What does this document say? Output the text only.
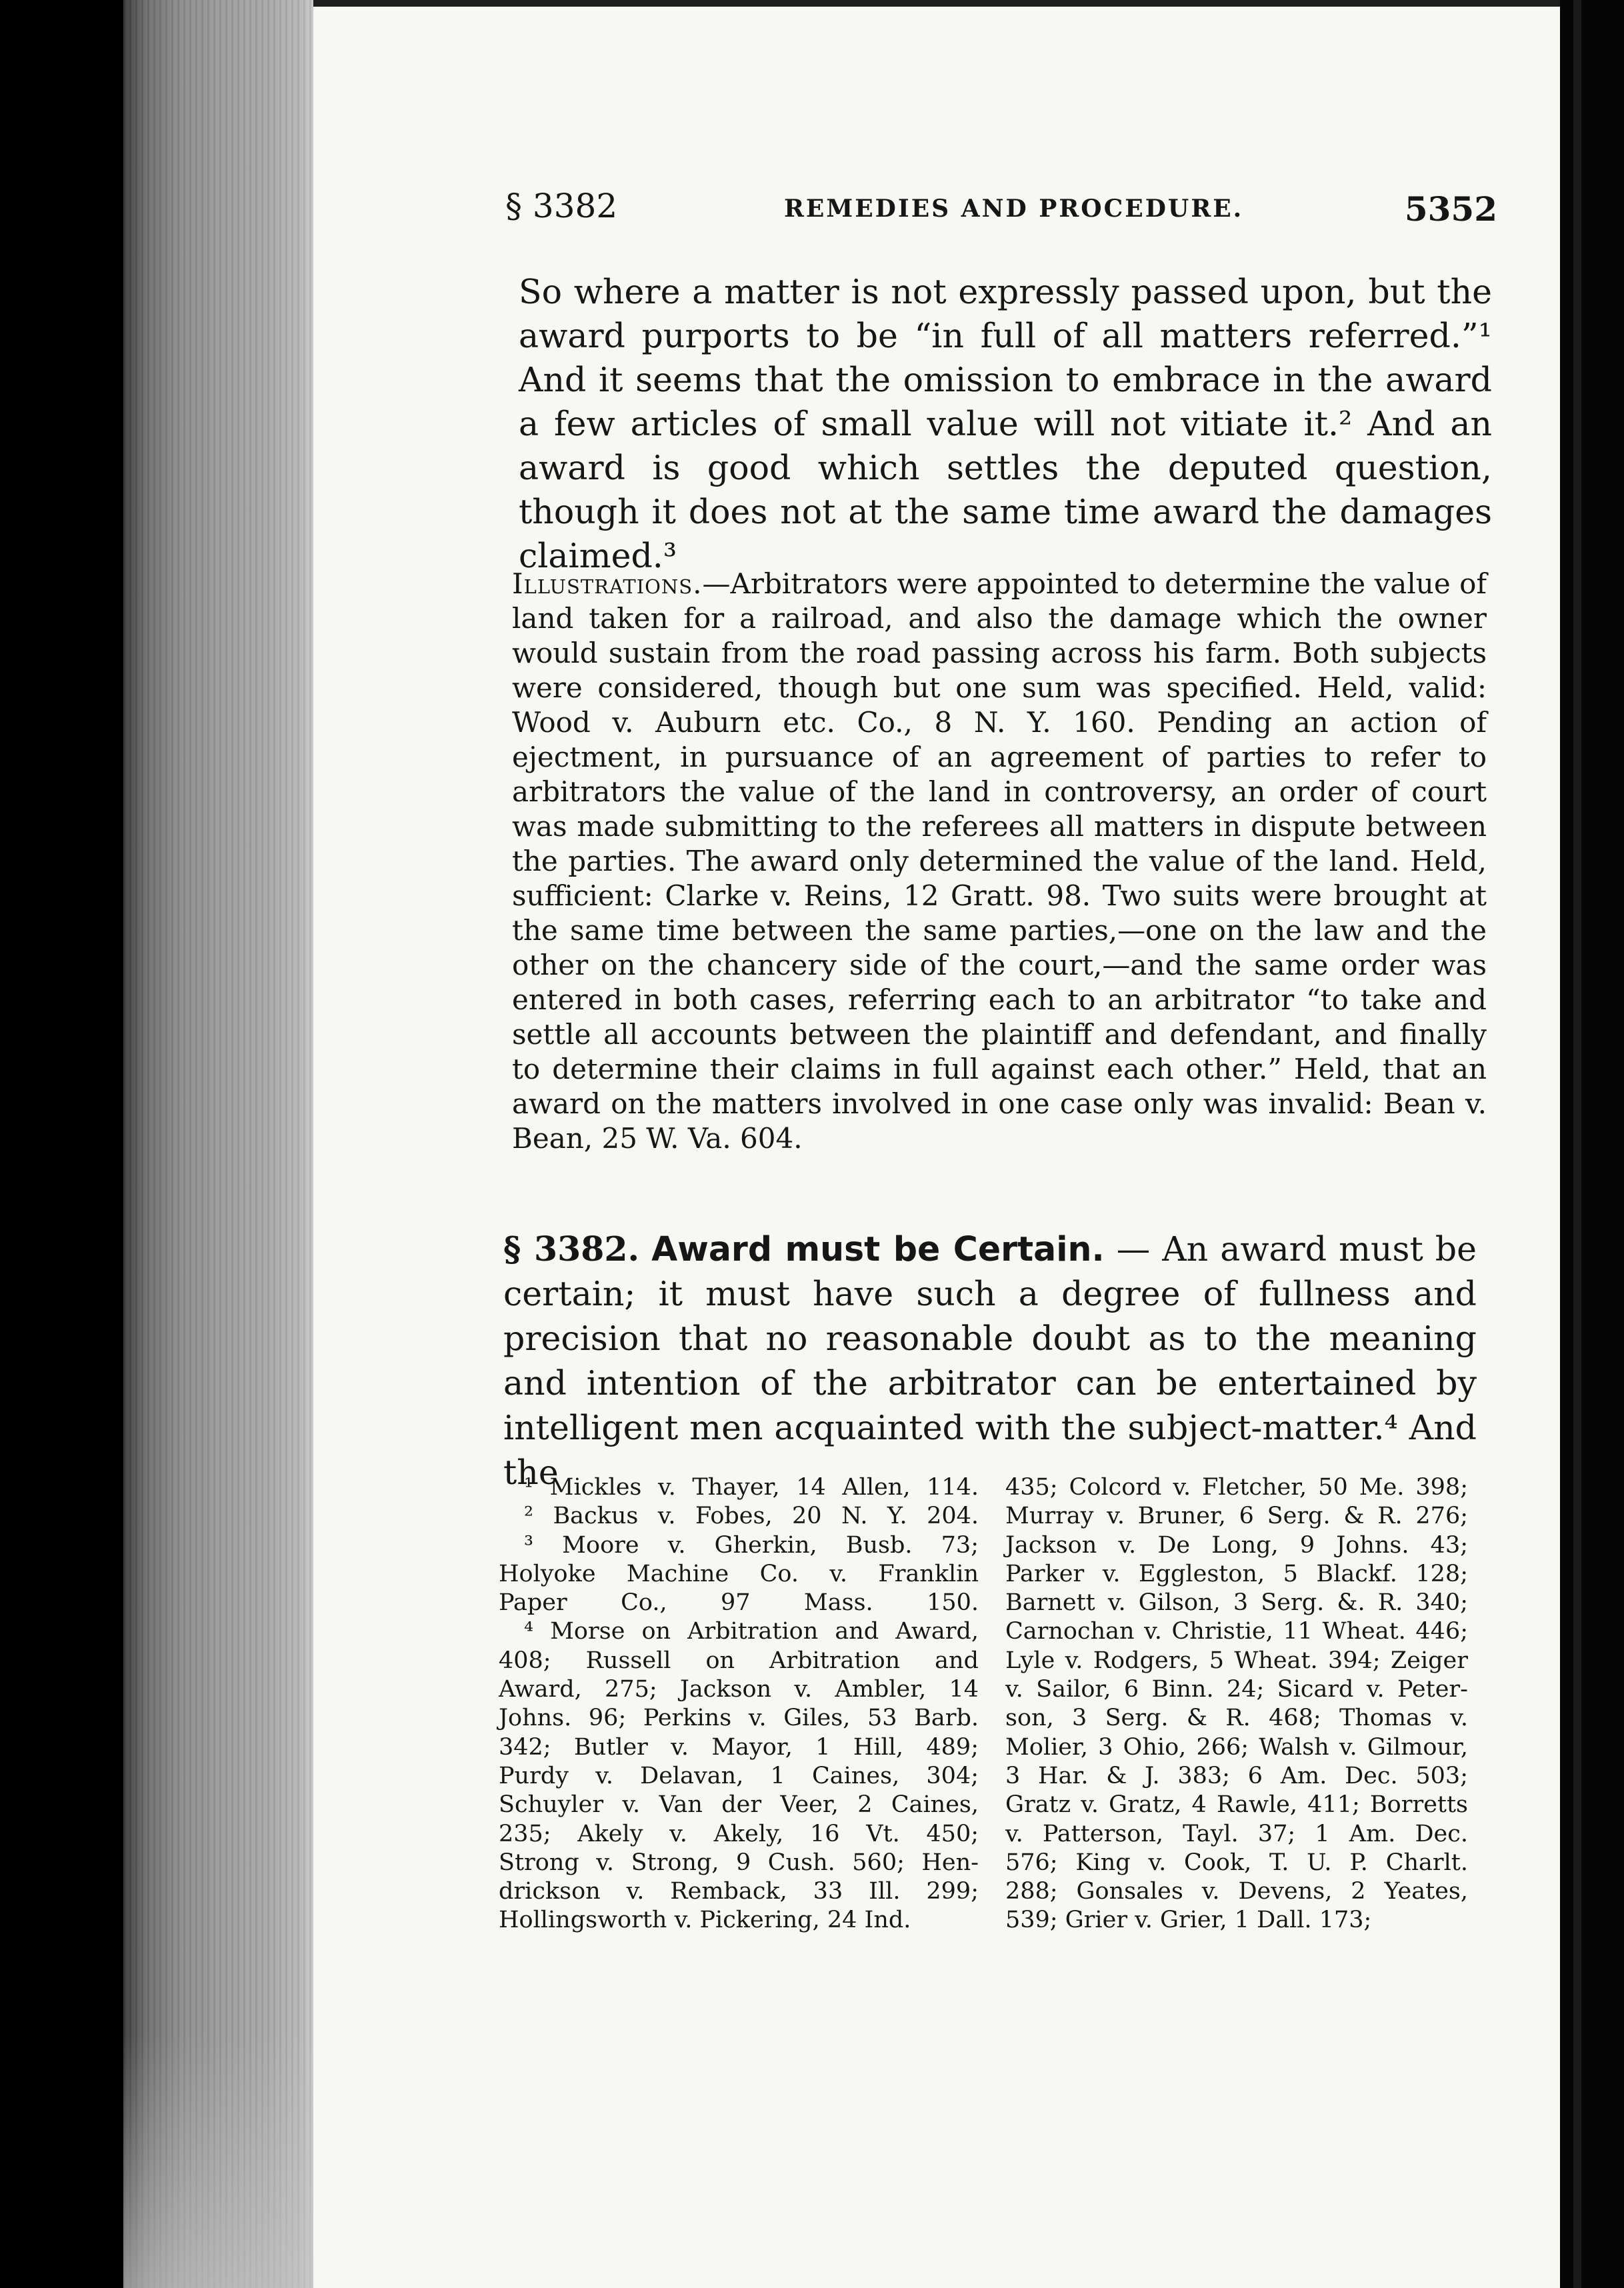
§ 3382	REMEDIES AND PROCEDURE.	5352
So where a matter is not expressly passed upon, but the award purports to be “in full of all matters referred.”¹ And it seems that the omission to embrace in the award a few articles of small value will not vitiate it.² And an award is good which settles the deputed question, though it does not at the same time award the damages claimed.³
Illustrations.—Arbitrators were appointed to determine the value of land taken for a railroad, and also the damage which the owner would sustain from the road passing across his farm. Both subjects were considered, though but one sum was specified. Held, valid: Wood v. Auburn etc. Co., 8 N. Y. 160. Pending an action of ejectment, in pursuance of an agreement of parties to refer to arbitrators the value of the land in controversy, an order of court was made submitting to the referees all matters in dispute between the parties. The award only determined the value of the land. Held, sufficient: Clarke v. Reins, 12 Gratt. 98. Two suits were brought at the same time between the same parties,—one on the law and the other on the chancery side of the court,—and the same order was entered in both cases, referring each to an arbitrator “to take and settle all accounts between the plaintiff and defendant, and finally to determine their claims in full against each other.” Held, that an award on the matters involved in one case only was invalid: Bean v. Bean, 25 W. Va. 604.
§ 3382. Award must be Certain. — An award must be certain; it must have such a degree of fullness and precision that no reasonable doubt as to the meaning and intention of the arbitrator can be entertained by intelligent men acquainted with the subject-matter.⁴ And the
¹ Mickles v. Thayer, 14 Allen, 114.
² Backus v. Fobes, 20 N. Y. 204.
³ Moore v. Gherkin, Busb. 73;
Holyoke Machine Co. v. Franklin
Paper Co., 97 Mass. 150.
⁴ Morse on Arbitration and Award,
408; Russell on Arbitration and
Award, 275; Jackson v. Ambler, 14
Johns. 96; Perkins v. Giles, 53 Barb.
342; Butler v. Mayor, 1 Hill, 489;
Purdy v. Delavan, 1 Caines, 304;
Schuyler v. Van der Veer, 2 Caines,
235; Akely v. Akely, 16 Vt. 450;
Strong v. Strong, 9 Cush. 560; Hen-
drickson v. Remback, 33 Ill. 299;
Hollingsworth v. Pickering, 24 Ind.
435; Colcord v. Fletcher, 50 Me. 398;
Murray v. Bruner, 6 Serg. & R. 276;
Jackson v. De Long, 9 Johns. 43;
Parker v. Eggleston, 5 Blackf. 128;
Barnett v. Gilson, 3 Serg. &. R. 340;
Carnochan v. Christie, 11 Wheat. 446;
Lyle v. Rodgers, 5 Wheat. 394; Zeiger
v. Sailor, 6 Binn. 24; Sicard v. Peter-
son, 3 Serg. & R. 468; Thomas v.
Molier, 3 Ohio, 266; Walsh v. Gilmour,
3 Har. & J. 383; 6 Am. Dec. 503;
Gratz v. Gratz, 4 Rawle, 411; Borretts
v. Patterson, Tayl. 37; 1 Am. Dec.
576; King v. Cook, T. U. P. Charlt.
288; Gonsales v. Devens, 2 Yeates,
539; Grier v. Grier, 1 Dall. 173;
